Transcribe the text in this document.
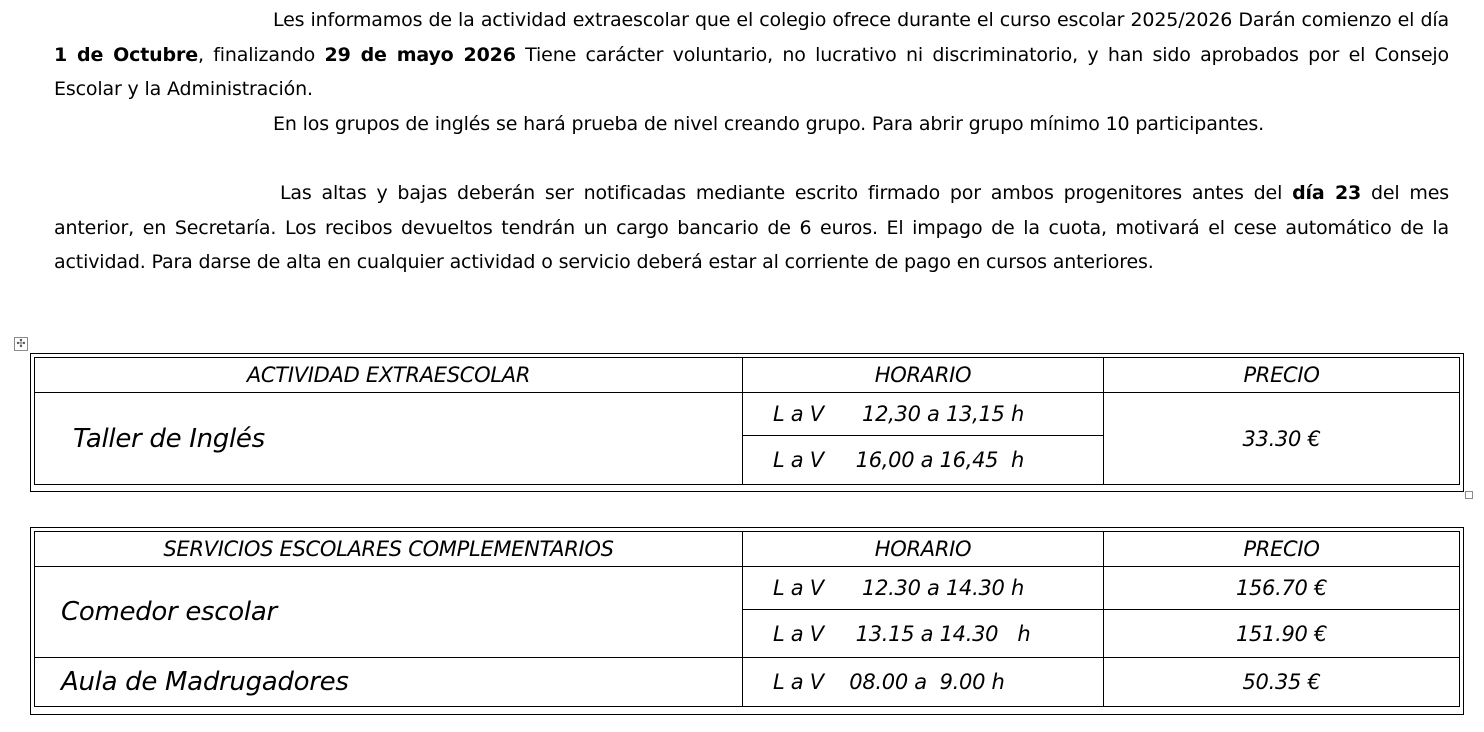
Les informamos de la actividad extraescolar que el colegio ofrece durante el curso escolar 2025/2026 Darán comienzo el día 1 de Octubre, finalizando 29 de mayo 2026 Tiene carácter voluntario, no lucrativo ni discriminatorio, y han sido aprobados por el Consejo Escolar y la Administración.

En los grupos de inglés se hará prueba de nivel creando grupo. Para abrir grupo mínimo 10 participantes.

Las altas y bajas deberán ser notificadas mediante escrito firmado por ambos progenitores antes del día 23 del mes anterior, en Secretaría. Los recibos devueltos tendrán un cargo bancario de 6 euros. El impago de la cuota, motivará el cese automático de la actividad. Para darse de alta en cualquier actividad o servicio deberá estar al corriente de pago en cursos anteriores.

✣
ACTIVIDAD EXTRAESCOLAR	HORARIO	PRECIO
Taller de Inglés	L a V      12,30 a 13,15 h	33.30 €
	L a V     16,00 a 16,45  h	
SERVICIOS ESCOLARES COMPLEMENTARIOS	HORARIO	PRECIO
Comedor escolar	L a V      12.30 a 14.30 h	156.70 €
	L a V     13.15 a 14.30   h	151.90 €
Aula de Madrugadores	L a V    08.00 a  9.00 h	50.35 €
